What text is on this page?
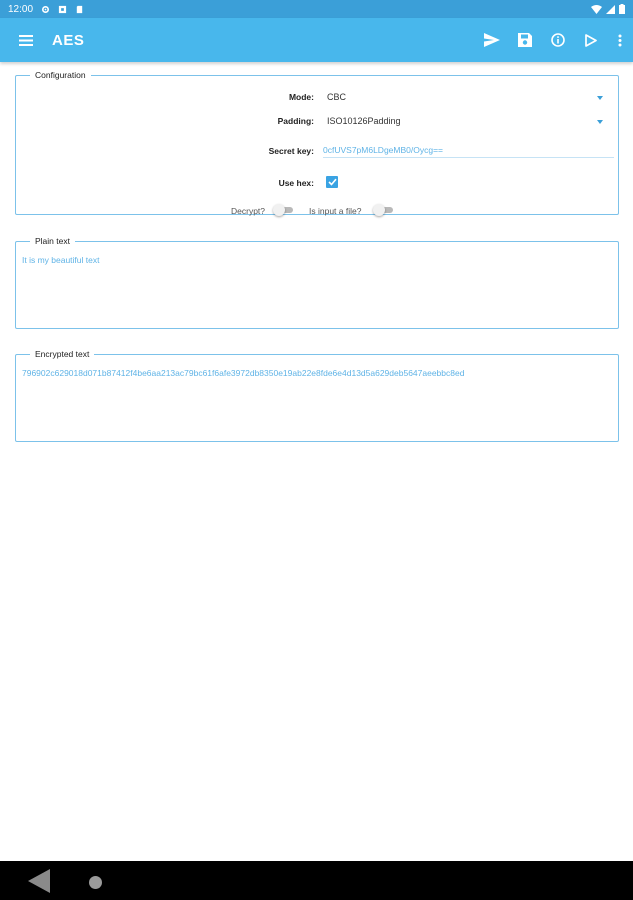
12:00
AES
Configuration
Mode: CBC
Padding: ISO10126Padding
Secret key:
0cfUVS7pM6LDgeMB0/Oycg==
Use hex:
Decrypt?	Is input a file?
Plain text
It is my beautiful text
Encrypted text
796902c629018d071b87412f4be6aa213ac79bc61f6afe3972db8350e19ab22e8fde6e4d13d5a629deb5647aeebbc8ed
